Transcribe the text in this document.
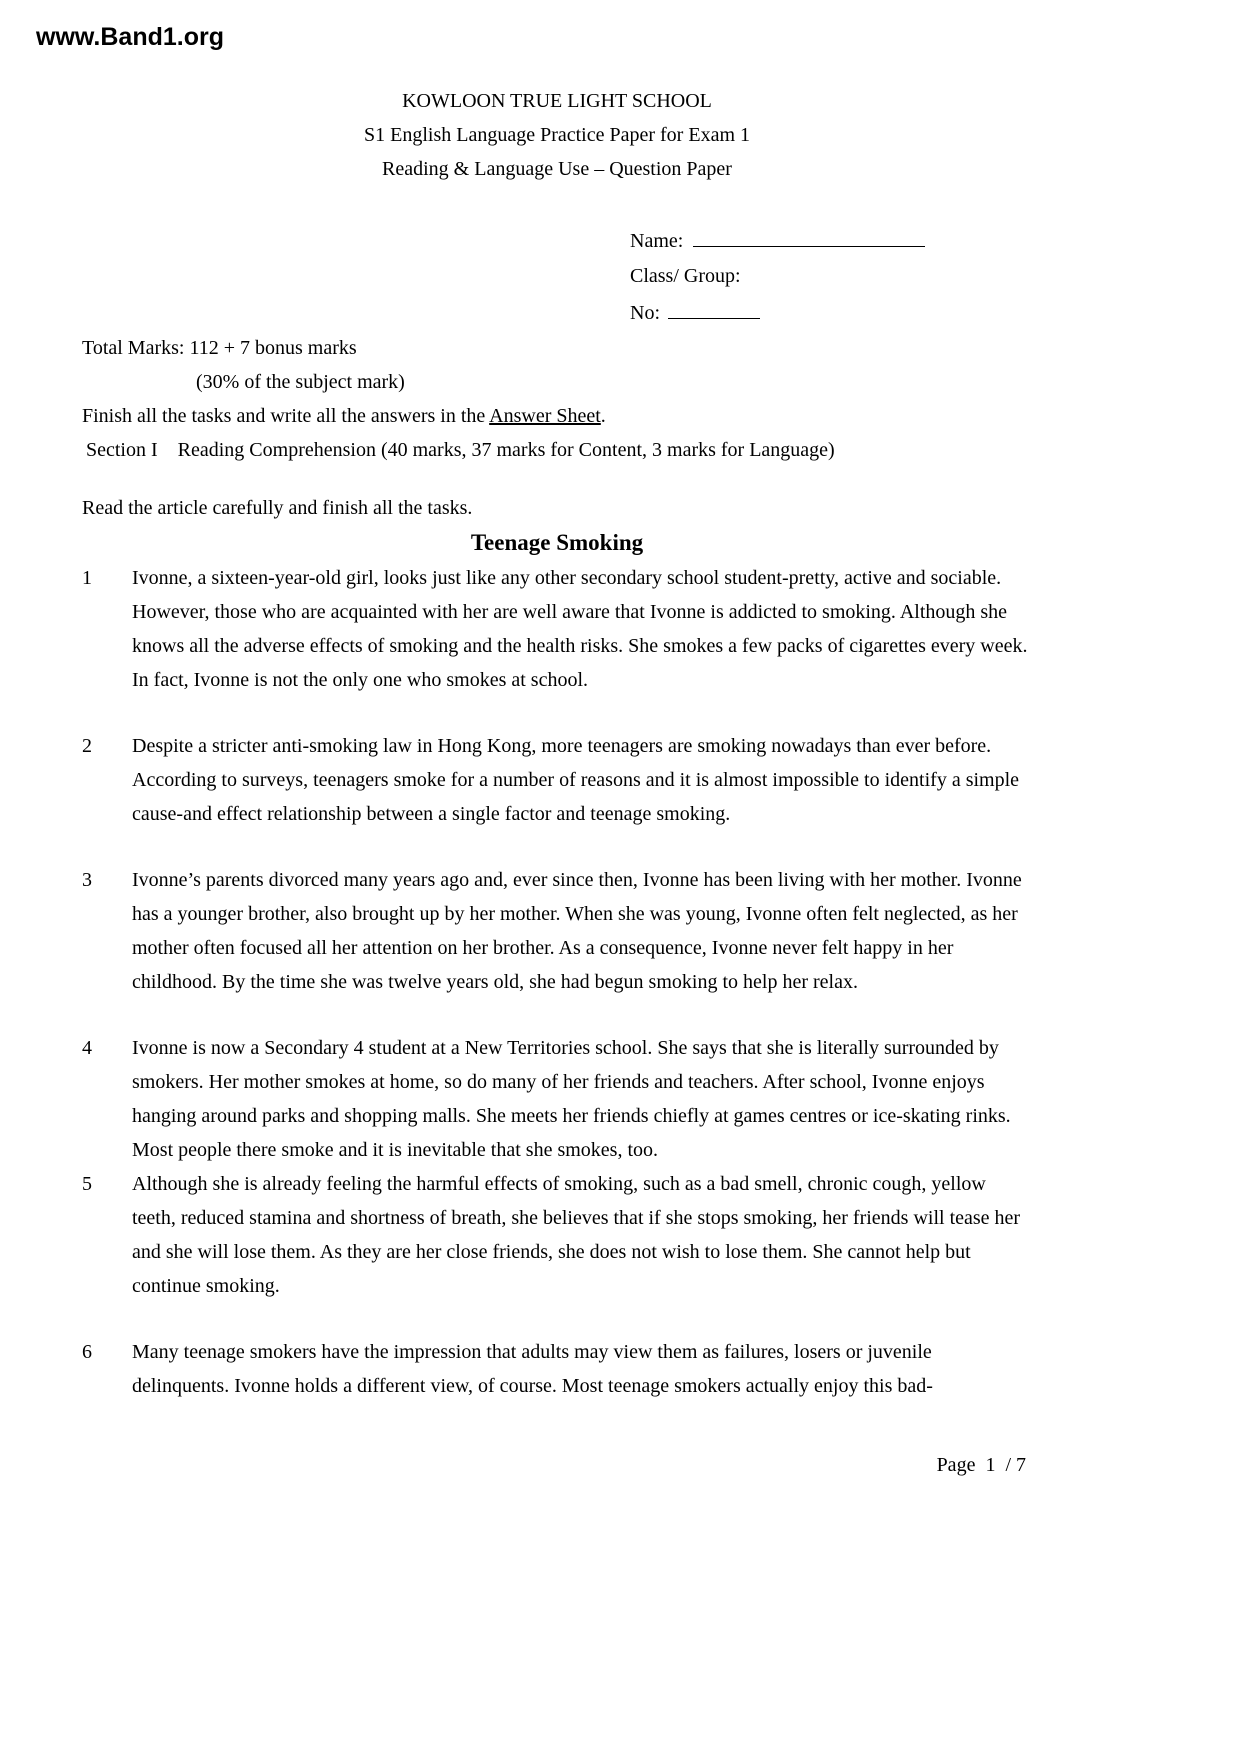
www.Band1.org
KOWLOON TRUE LIGHT SCHOOL
S1 English Language Practice Paper for Exam 1
Reading & Language Use – Question Paper
Name:
Class/ Group:
No:
Total Marks: 112 + 7 bonus marks
(30% of the subject mark)
Finish all the tasks and write all the answers in the Answer Sheet.
Section I    Reading Comprehension (40 marks, 37 marks for Content, 3 marks for Language)
Read the article carefully and finish all the tasks.
Teenage Smoking
1	Ivonne, a sixteen-year-old girl, looks just like any other secondary school student-pretty, active and sociable. However, those who are acquainted with her are well aware that Ivonne is addicted to smoking. Although she knows all the adverse effects of smoking and the health risks. She smokes a few packs of cigarettes every week. In fact, Ivonne is not the only one who smokes at school.
2	Despite a stricter anti-smoking law in Hong Kong, more teenagers are smoking nowadays than ever before. According to surveys, teenagers smoke for a number of reasons and it is almost impossible to identify a simple cause-and effect relationship between a single factor and teenage smoking.
3	Ivonne’s parents divorced many years ago and, ever since then, Ivonne has been living with her mother. Ivonne has a younger brother, also brought up by her mother. When she was young, Ivonne often felt neglected, as her mother often focused all her attention on her brother. As a consequence, Ivonne never felt happy in her childhood. By the time she was twelve years old, she had begun smoking to help her relax.
4	Ivonne is now a Secondary 4 student at a New Territories school. She says that she is literally surrounded by smokers. Her mother smokes at home, so do many of her friends and teachers. After school, Ivonne enjoys hanging around parks and shopping malls. She meets her friends chiefly at games centres or ice-skating rinks. Most people there smoke and it is inevitable that she smokes, too.
5	Although she is already feeling the harmful effects of smoking, such as a bad smell, chronic cough, yellow teeth, reduced stamina and shortness of breath, she believes that if she stops smoking, her friends will tease her and she will lose them. As they are her close friends, she does not wish to lose them. She cannot help but continue smoking.
6	Many teenage smokers have the impression that adults may view them as failures, losers or juvenile delinquents. Ivonne holds a different view, of course. Most teenage smokers actually enjoy this bad-
Page  1  / 7
